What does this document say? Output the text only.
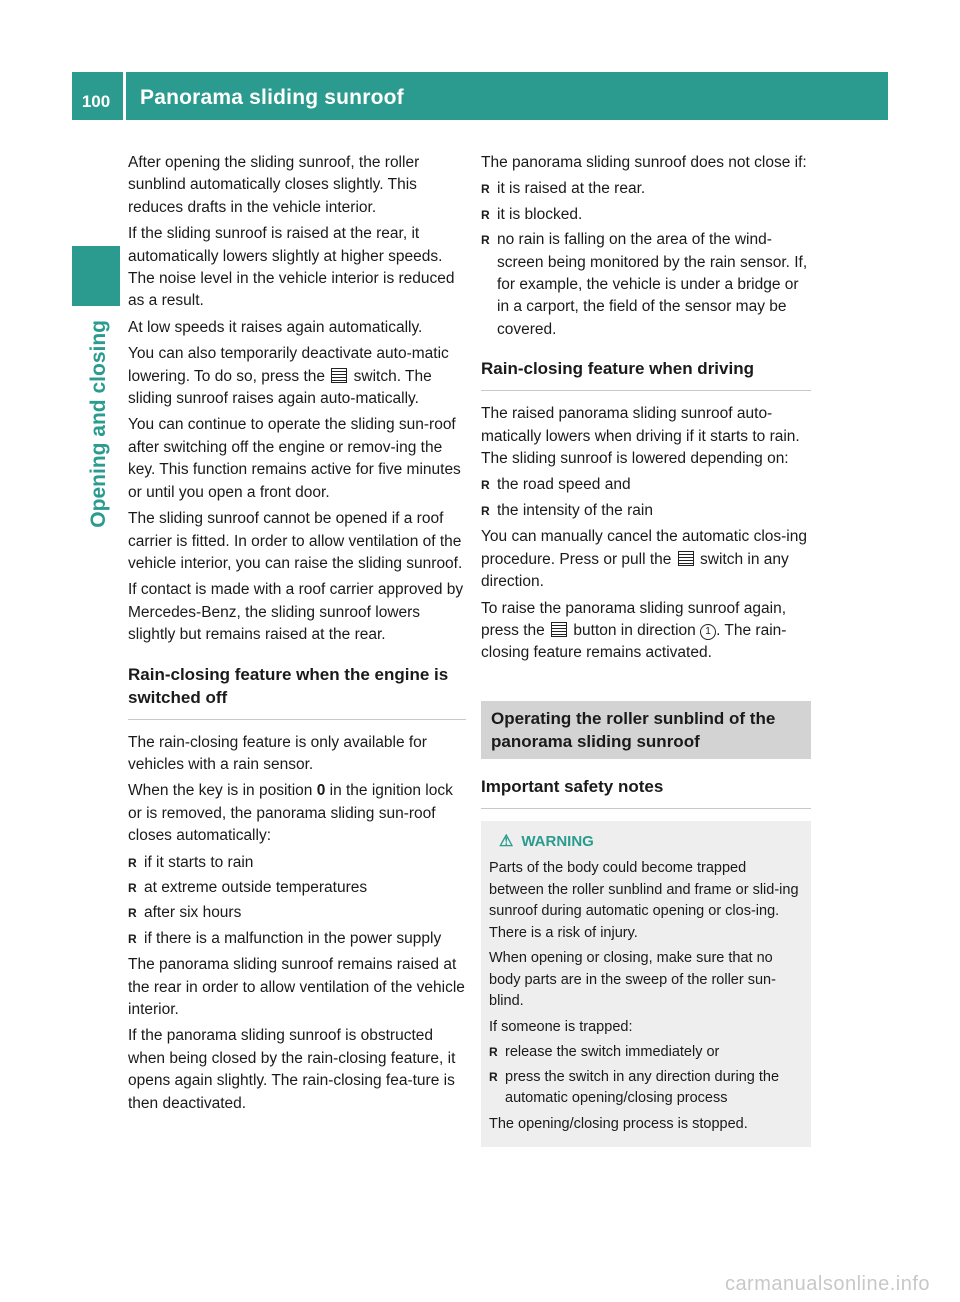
100	Panorama sliding sunroof
Opening and closing

After opening the sliding sunroof, the roller sunblind automatically closes slightly. This reduces drafts in the vehicle interior.

If the sliding sunroof is raised at the rear, it automatically lowers slightly at higher speeds. The noise level in the vehicle interior is reduced as a result.

At low speeds it raises again automatically.

You can also temporarily deactivate auto-matic lowering. To do so, press the switch. The sliding sunroof raises again auto-matically.

You can continue to operate the sliding sun-roof after switching off the engine or remov-ing the key. This function remains active for five minutes or until you open a front door.

The sliding sunroof cannot be opened if a roof carrier is fitted. In order to allow ventilation of the vehicle interior, you can raise the sliding sunroof.

If contact is made with a roof carrier approved by Mercedes-Benz, the sliding sunroof lowers slightly but remains raised at the rear.

Rain-closing feature when the engine is switched off

The rain-closing feature is only available for vehicles with a rain sensor.

When the key is in position 0 in the ignition lock or is removed, the panorama sliding sun-roof closes automatically:

R if it starts to rain
R at extreme outside temperatures
R after six hours
R if there is a malfunction in the power supply

The panorama sliding sunroof remains raised at the rear in order to allow ventilation of the vehicle interior.

If the panorama sliding sunroof is obstructed when being closed by the rain-closing feature, it opens again slightly. The rain-closing fea-ture is then deactivated.

The panorama sliding sunroof does not close if:

R it is raised at the rear.
R it is blocked.
R no rain is falling on the area of the wind-screen being monitored by the rain sensor. If, for example, the vehicle is under a bridge or in a carport, the field of the sensor may be covered.
Rain-closing feature when driving

The raised panorama sliding sunroof auto-matically lowers when driving if it starts to rain. The sliding sunroof is lowered depending on:

R the road speed and
R the intensity of the rain

You can manually cancel the automatic clos-ing procedure. Press or pull the switch in any direction.

To raise the panorama sliding sunroof again, press the button in direction 1 . The rain-closing feature remains activated.

Operating the roller sunblind of the panorama sliding sunroof
Important safety notes
⚠ WARNING

Parts of the body could become trapped between the roller sunblind and frame or slid-ing sunroof during automatic opening or clos-ing. There is a risk of injury.

When opening or closing, make sure that no body parts are in the sweep of the roller sun-blind.

If someone is trapped:

R release the switch immediately or
R press the switch in any direction during the automatic opening/closing process

The opening/closing process is stopped.

carmanualsonline.info
